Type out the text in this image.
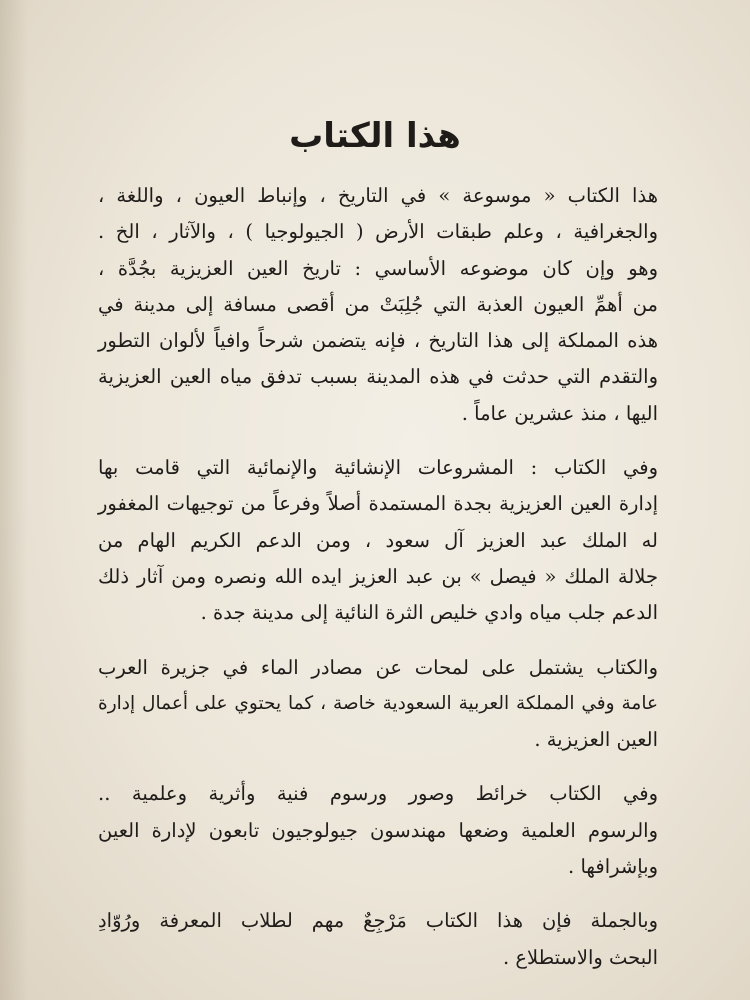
هذا الكتاب
هذا الكتاب « موسوعة » في التاريخ ، وإنباط العيون ، واللغة ،
والجغرافية ، وعلم طبقات الأرض ( الجيولوجيا ) ، والآثار ، الخ .
وهو وإن كان موضوعه الأساسي : تاريخ العين العزيزية بجُدَّة ،
من أهمِّ العيون العذبة التي جُلِبَتْ من أقصى مسافة إلى مدينة في
هذه المملكة إلى هذا التاريخ ، فإنه يتضمن شرحاً وافياً لألوان التطور
والتقدم التي حدثت في هذه المدينة بسبب تدفق مياه العين العزيزية
اليها ، منذ عشرين عاماً .
وفي الكتاب : المشروعات الإنشائية والإنمائية التي قامت بها
إدارة العين العزيزية بجدة المستمدة أصلاً وفرعاً من توجيهات المغفور
له الملك عبد العزيز آل سعود ، ومن الدعم الكريم الهام من
جلالة الملك « فيصل » بن عبد العزيز ايده الله ونصره ومن آثار ذلك
الدعم جلب مياه وادي خليص الثرة النائية إلى مدينة جدة .
والكتاب يشتمل على لمحات عن مصادر الماء في جزيرة العرب
عامة وفي المملكة العربية السعودية خاصة ، كما يحتوي على أعمال إدارة
العين العزيزية .
وفي الكتاب خرائط وصور ورسوم فنية وأثرية وعلمية ..
والرسوم العلمية وضعها مهندسون جيولوجيون تابعون لإدارة العين
وبإشرافها .
وبالجملة فإن هذا الكتاب مَرْجِعٌ مهم لطلاب المعرفة ورُوّادِ
البحث والاستطلاع .
